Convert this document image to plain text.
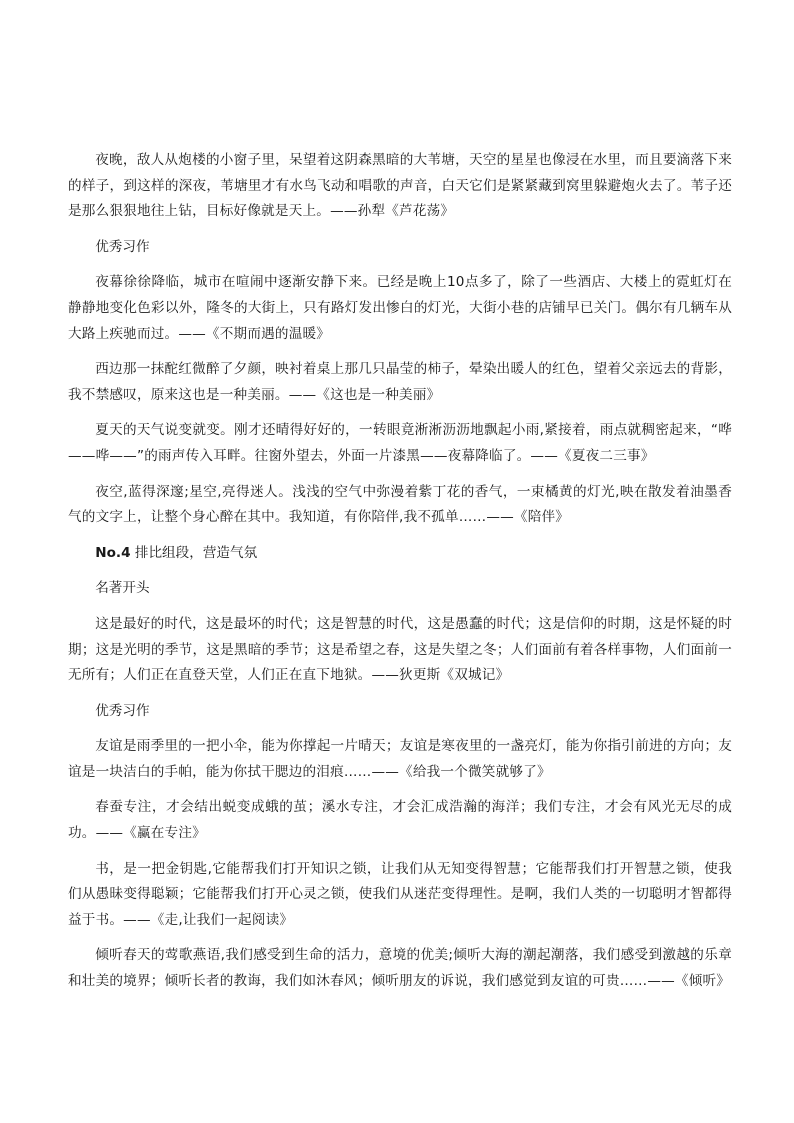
夜晚，敌人从炮楼的小窗子里，呆望着这阴森黑暗的大苇塘，天空的星星也像浸在水里，而且要滴落下来的样子，到这样的深夜，苇塘里才有水鸟飞动和唱歌的声音，白天它们是紧紧藏到窝里躲避炮火去了。苇子还是那么狠狠地往上钻，目标好像就是天上。——孙犁《芦花荡》

优秀习作

夜幕徐徐降临，城市在喧闹中逐渐安静下来。已经是晚上10点多了，除了一些酒店、大楼上的霓虹灯在静静地变化色彩以外，隆冬的大街上，只有路灯发出惨白的灯光，大街小巷的店铺早已关门。偶尔有几辆车从大路上疾驰而过。——《不期而遇的温暖》

西边那一抹酡红微醉了夕颜，映衬着桌上那几只晶莹的柿子，晕染出暖人的红色，望着父亲远去的背影，我不禁感叹，原来这也是一种美丽。——《这也是一种美丽》

夏天的天气说变就变。刚才还晴得好好的，一转眼竟淅淅沥沥地飘起小雨,紧接着，雨点就稠密起来，“哗——哗——”的雨声传入耳畔。往窗外望去，外面一片漆黑——夜幕降临了。——《夏夜二三事》

夜空,蓝得深邃;星空,亮得迷人。浅浅的空气中弥漫着紫丁花的香气，一束橘黄的灯光,映在散发着油墨香气的文字上，让整个身心醉在其中。我知道，有你陪伴,我不孤单……——《陪伴》

No.4 排比组段，营造气氛

名著开头

这是最好的时代，这是最坏的时代；这是智慧的时代，这是愚蠢的时代；这是信仰的时期，这是怀疑的时期；这是光明的季节，这是黑暗的季节；这是希望之春，这是失望之冬；人们面前有着各样事物，人们面前一无所有；人们正在直登天堂，人们正在直下地狱。——狄更斯《双城记》

优秀习作

友谊是雨季里的一把小伞，能为你撑起一片晴天；友谊是寒夜里的一盏亮灯，能为你指引前进的方向；友谊是一块洁白的手帕，能为你拭干腮边的泪痕……——《给我一个微笑就够了》

春蚕专注，才会结出蜕变成蛾的茧；溪水专注，才会汇成浩瀚的海洋；我们专注，才会有风光无尽的成功。——《赢在专注》

书，是一把金钥匙,它能帮我们打开知识之锁，让我们从无知变得智慧；它能帮我们打开智慧之锁，使我们从愚昧变得聪颖；它能帮我们打开心灵之锁，使我们从迷茫变得理性。是啊，我们人类的一切聪明才智都得益于书。——《走,让我们一起阅读》

倾听春天的莺歌燕语,我们感受到生命的活力，意境的优美;倾听大海的潮起潮落，我们感受到激越的乐章和壮美的境界；倾听长者的教诲，我们如沐春风；倾听朋友的诉说，我们感觉到友谊的可贵……——《倾听》
